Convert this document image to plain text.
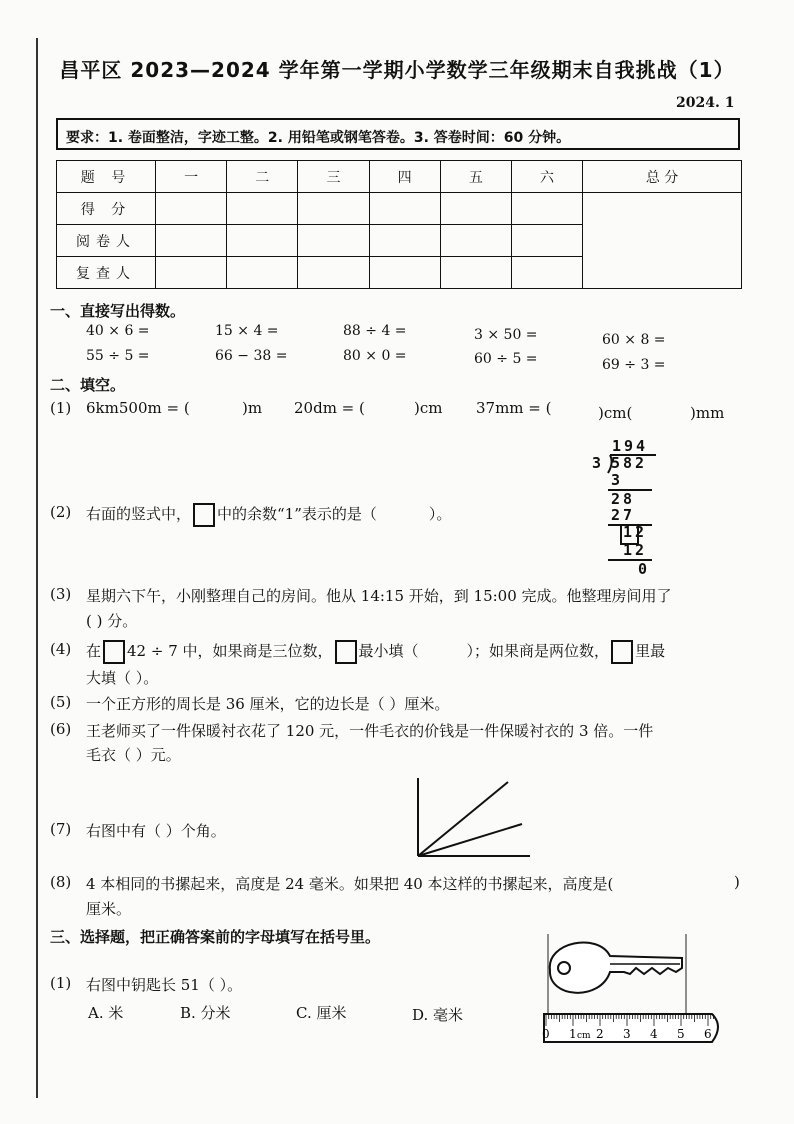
昌平区 2023—2024 学年第一学期小学数学三年级期末自我挑战（1）
2024. 1
要求：1. 卷面整洁，字迹工整。2. 用铅笔或钢笔答卷。3. 答卷时间：60 分钟。
题 号	一	二	三	四	五	六	总 分
得 分							
阅卷人							
复查人							
一、直接写出得数。
40 × 6 =	15 × 4 =	88 ÷ 4 =	3 × 50 =	60 × 8 =
55 ÷ 5 =	66 − 38 =	80 × 0 =	60 ÷ 5 =	69 ÷ 3 =
二、填空。
(1) 6km500m = (	)m 20dm = (	)cm 37mm = (	)cm(	)mm
194
3 582
3
28
27
12
12
0
(2) 右面的竖式中， 中的余数“1”表示的是（	）。
(3) 星期六下午，小刚整理自己的房间。他从 14:15 开始，到 15:00 完成。他整理房间用了
( ) 分。
(4) 在 42 ÷ 7 中，如果商是三位数， 最小填（	）；如果商是两位数， 里最
大填（ ）。
(5) 一个正方形的周长是 36 厘米，它的边长是（ ）厘米。
(6) 王老师买了一件保暖衬衣花了 120 元，一件毛衣的价钱是一件保暖衬衣的 3 倍。一件
毛衣（ ）元。
(7) 右图中有（ ）个角。
(8) 4 本相同的书摞起来，高度是 24 毫米。如果把 40 本这样的书摞起来，高度是(	)
厘米。
三、选择题，把正确答案前的字母填写在括号里。
(1) 右图中钥匙长 51（ ）。
A. 米	B. 分米	C. 厘米	D. 毫米
0 1 cm 2 3 4 5 6
